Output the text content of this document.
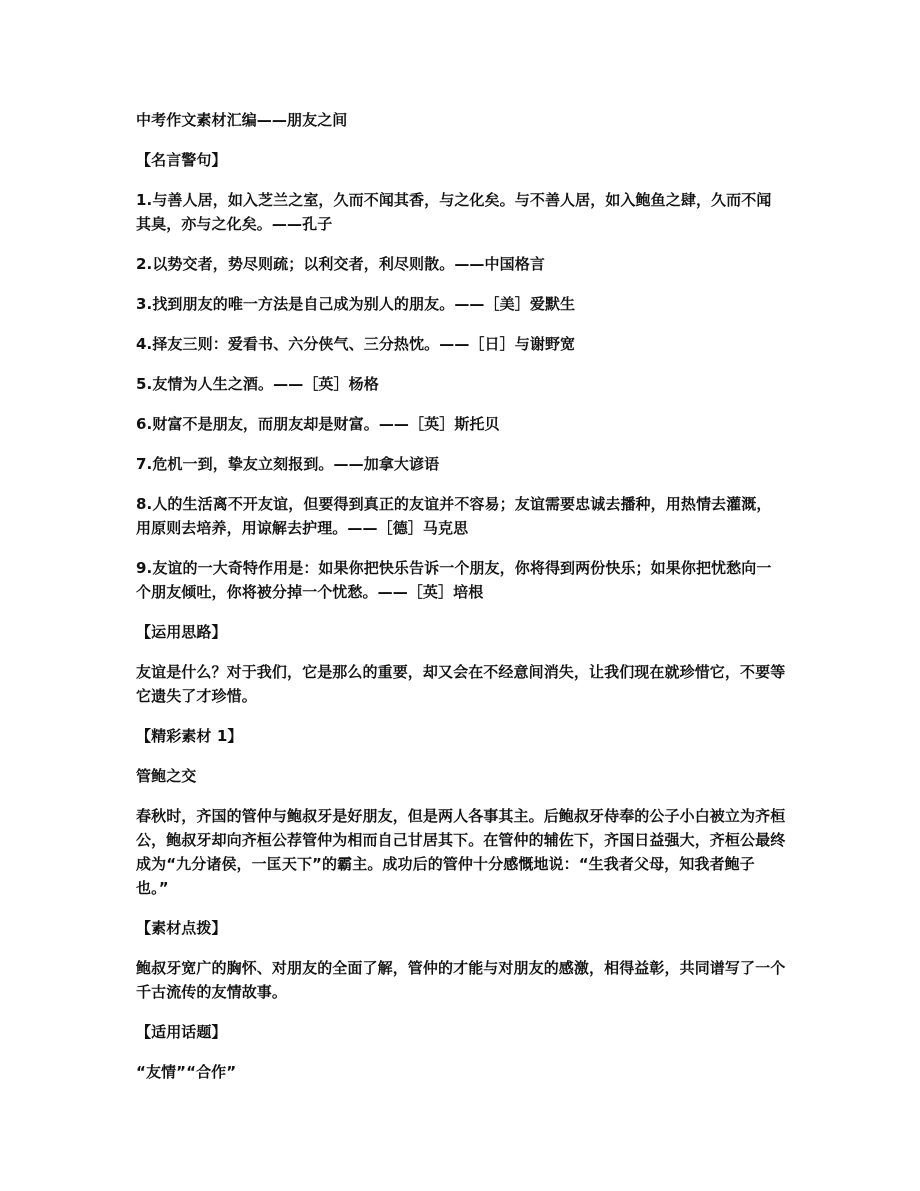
中考作文素材汇编——朋友之间

【名言警句】

1.与善人居，如入芝兰之室，久而不闻其香，与之化矣。与不善人居，如入鲍鱼之肆，久而不闻其臭，亦与之化矣。——孔子

2.以势交者，势尽则疏；以利交者，利尽则散。——中国格言

3.找到朋友的唯一方法是自己成为别人的朋友。——［美］爱默生

4.择友三则：爱看书、六分侠气、三分热忱。——［日］与谢野宽

5.友情为人生之酒。——［英］杨格

6.财富不是朋友，而朋友却是财富。——［英］斯托贝

7.危机一到，挚友立刻报到。——加拿大谚语

8.人的生活离不开友谊，但要得到真正的友谊并不容易；友谊需要忠诚去播种，用热情去灌溉，用原则去培养，用谅解去护理。——［德］马克思

9.友谊的一大奇特作用是：如果你把快乐告诉一个朋友，你将得到两份快乐；如果你把忧愁向一个朋友倾吐，你将被分掉一个忧愁。——［英］培根

【运用思路】

友谊是什么？对于我们，它是那么的重要，却又会在不经意间消失，让我们现在就珍惜它，不要等它遗失了才珍惜。

【精彩素材 1】

管鲍之交

春秋时，齐国的管仲与鲍叔牙是好朋友，但是两人各事其主。后鲍叔牙侍奉的公子小白被立为齐桓公，鲍叔牙却向齐桓公荐管仲为相而自己甘居其下。在管仲的辅佐下，齐国日益强大，齐桓公最终成为“九分诸侯，一匡天下”的霸主。成功后的管仲十分感慨地说：“生我者父母，知我者鲍子也。”

【素材点拨】

鲍叔牙宽广的胸怀、对朋友的全面了解，管仲的才能与对朋友的感激，相得益彰，共同谱写了一个千古流传的友情故事。

【适用话题】

“友情”“合作”
